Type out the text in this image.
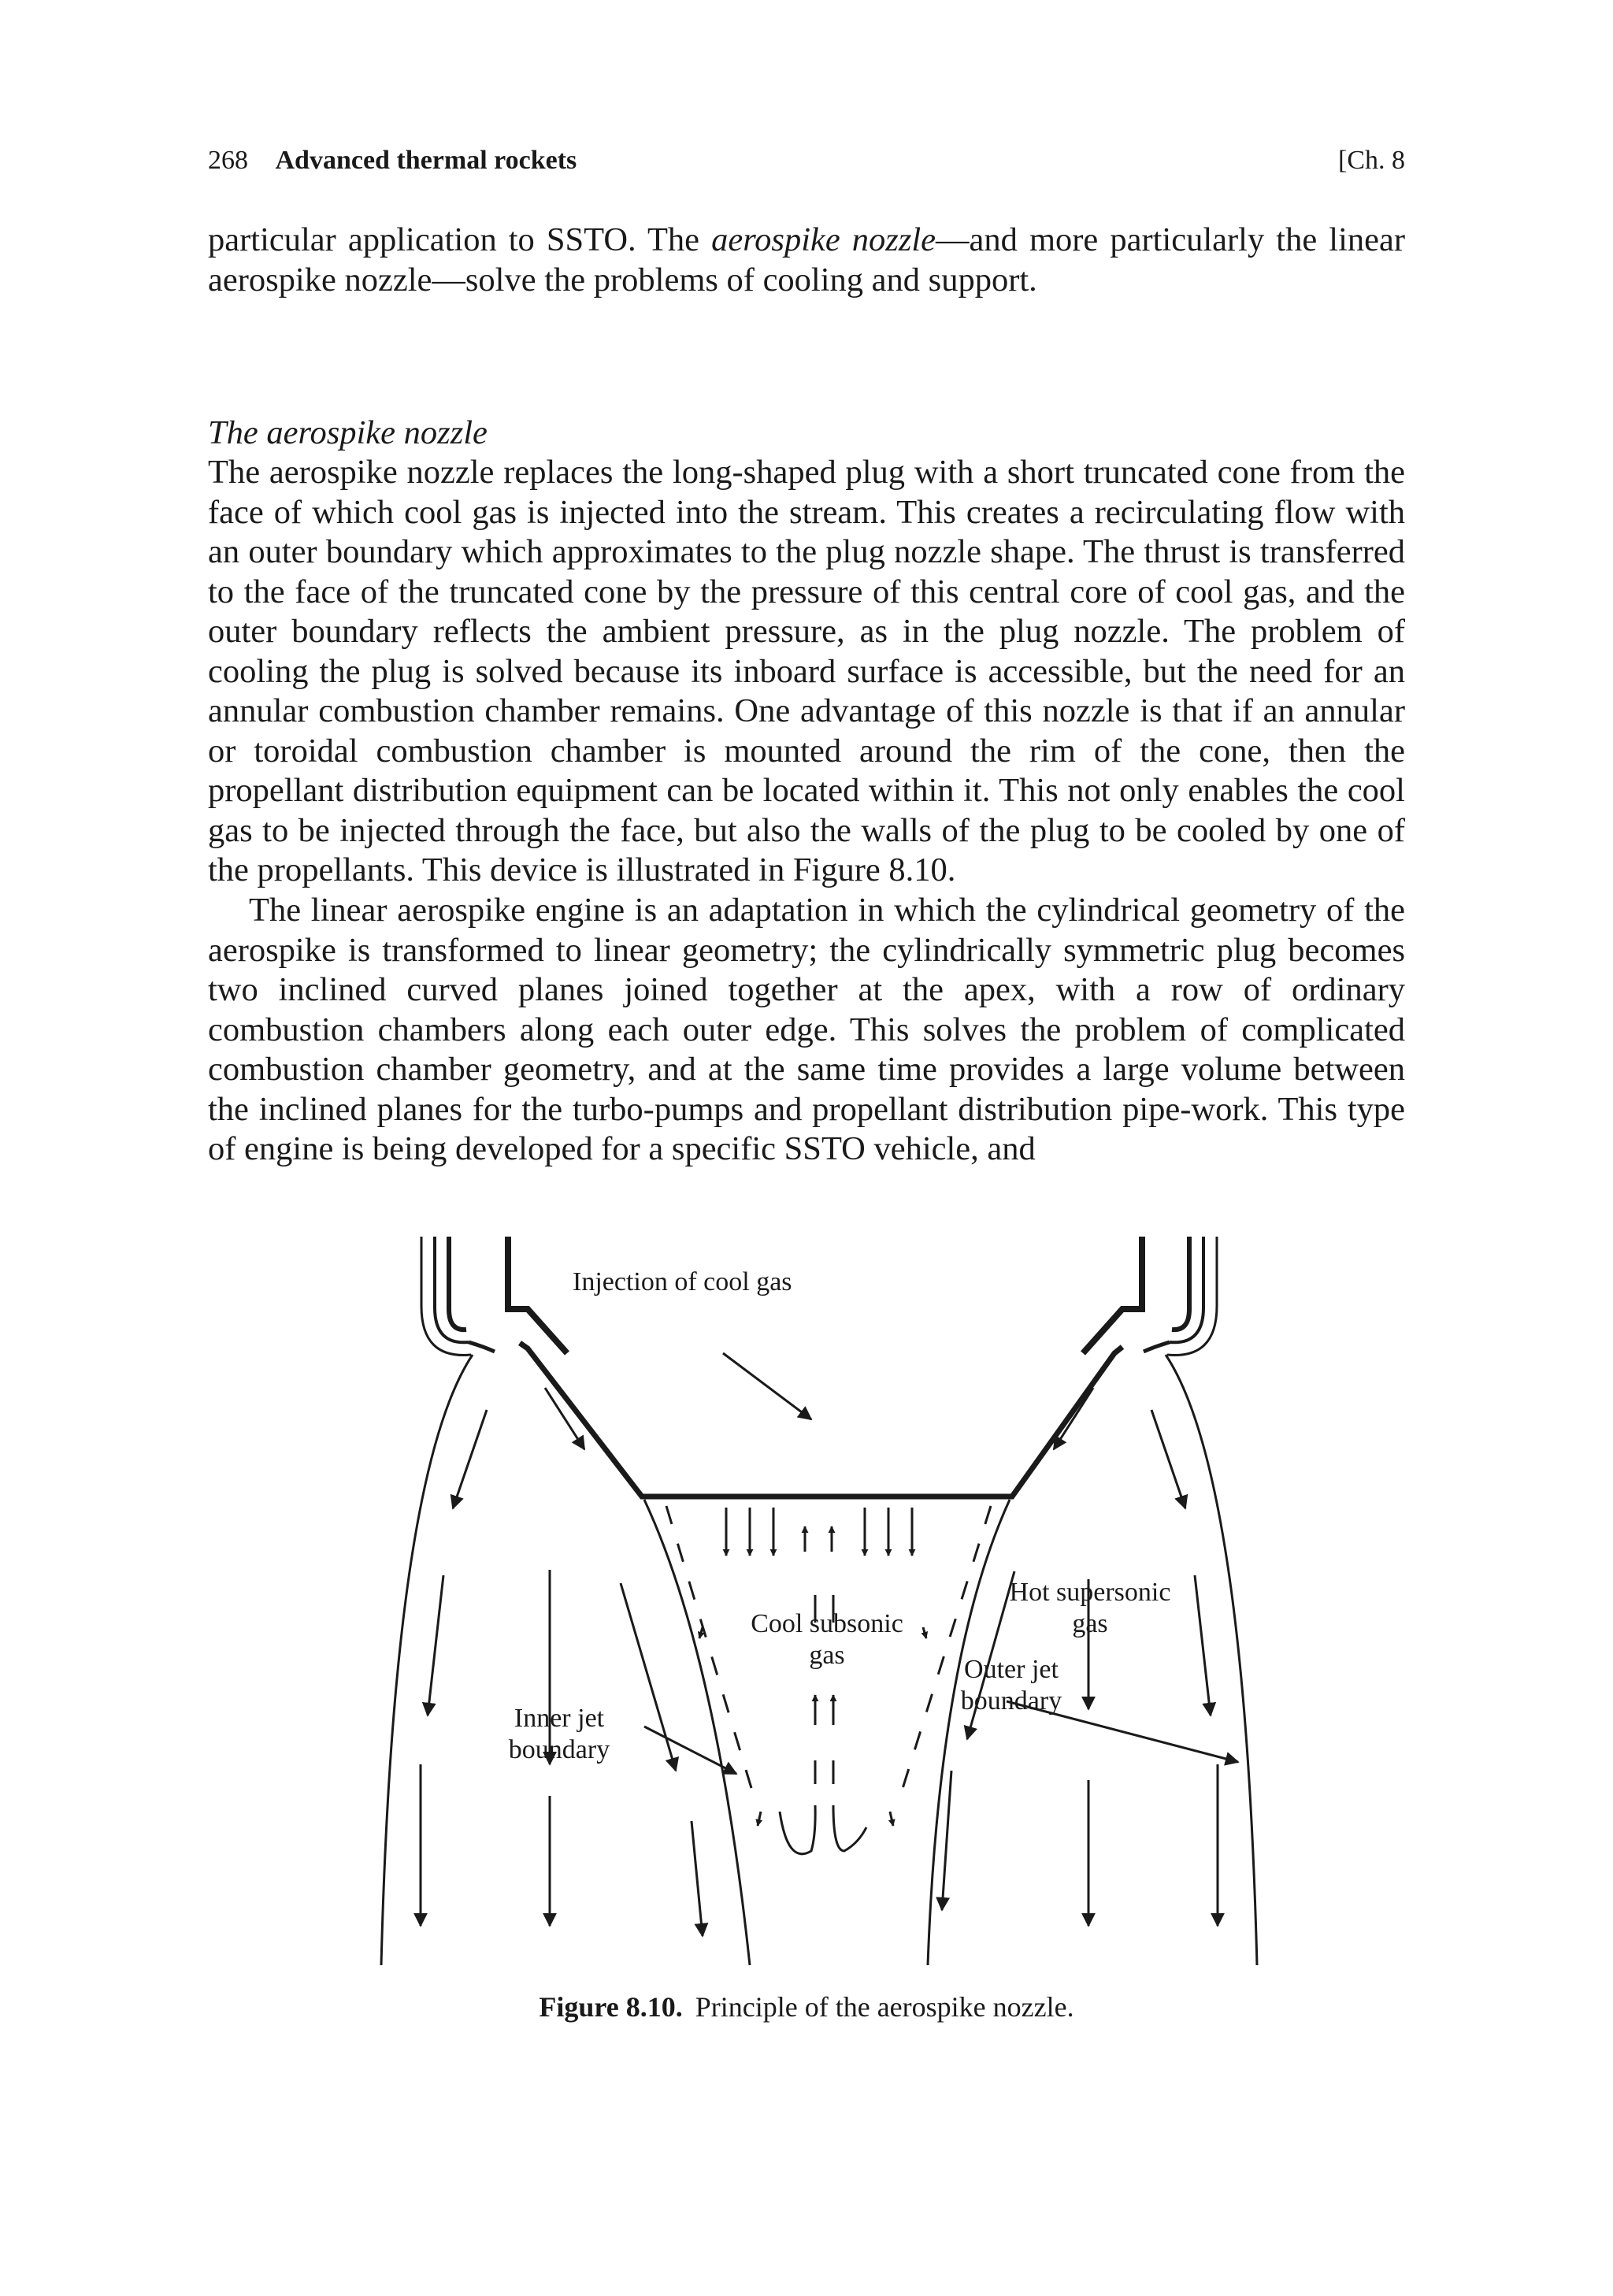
268 Advanced thermal rockets	[Ch. 8

particular application to SSTO. The aerospike nozzle—and more particularly the linear aerospike nozzle—solve the problems of cooling and support.

The aerospike nozzle

The aerospike nozzle replaces the long-shaped plug with a short truncated cone from the face of which cool gas is injected into the stream. This creates a recirculating flow with an outer boundary which approximates to the plug nozzle shape. The thrust is transferred to the face of the truncated cone by the pressure of this central core of cool gas, and the outer boundary reflects the ambient pressure, as in the plug nozzle. The problem of cooling the plug is solved because its inboard surface is accessible, but the need for an annular combustion chamber remains. One advantage of this nozzle is that if an annular or toroidal combustion chamber is mounted around the rim of the cone, then the propellant distribution equipment can be located within it. This not only enables the cool gas to be injected through the face, but also the walls of the plug to be cooled by one of the propellants. This device is illustrated in Figure 8.10.

The linear aerospike engine is an adaptation in which the cylindrical geometry of the aerospike is transformed to linear geometry; the cylindrically symmetric plug becomes two inclined curved planes joined together at the apex, with a row of ordinary combustion chambers along each outer edge. This solves the problem of complicated combustion chamber geometry, and at the same time provides a large volume between the inclined planes for the turbo-pumps and propellant distribution pipe-work. This type of engine is being developed for a specific SSTO vehicle, and

Injection of cool gas
Cool subsonic
gas
Hot supersonic
gas
Outer jet
boundary
Inner jet
boundary
Figure 8.10. Principle of the aerospike nozzle.
